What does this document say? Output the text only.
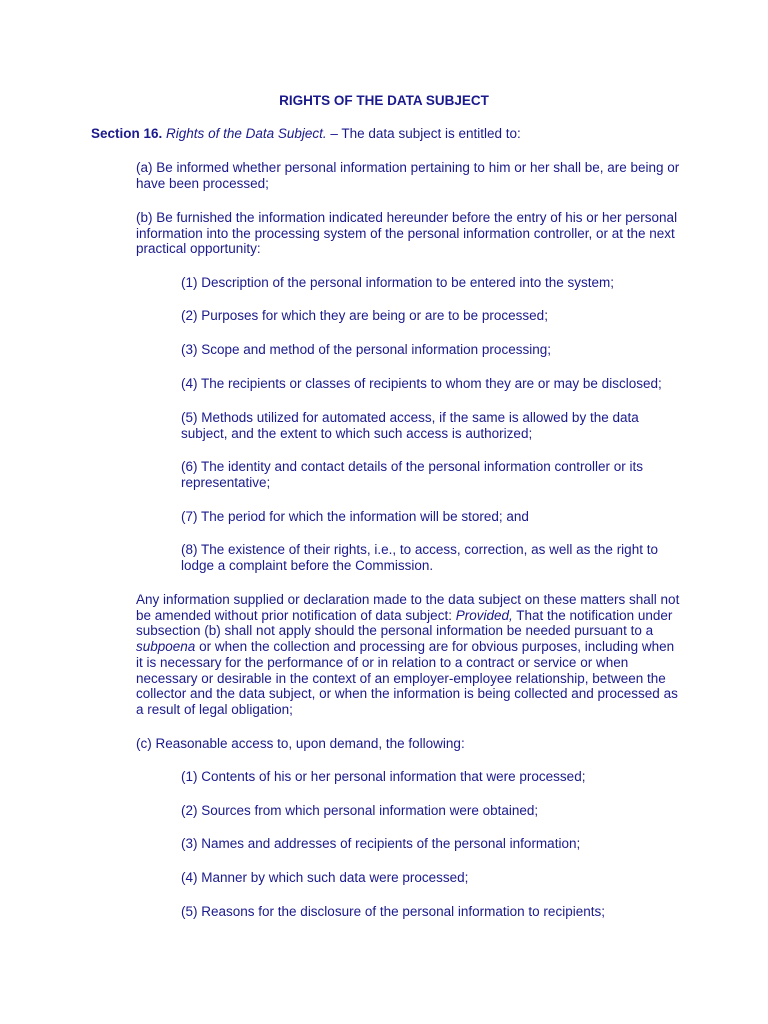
RIGHTS OF THE DATA SUBJECT

Section 16. Rights of the Data Subject. – The data subject is entitled to:

(a) Be informed whether personal information pertaining to him or her shall be, are being or have been processed;

(b) Be furnished the information indicated hereunder before the entry of his or her personal information into the processing system of the personal information controller, or at the next practical opportunity:

(1) Description of the personal information to be entered into the system;

(2) Purposes for which they are being or are to be processed;

(3) Scope and method of the personal information processing;

(4) The recipients or classes of recipients to whom they are or may be disclosed;

(5) Methods utilized for automated access, if the same is allowed by the data subject, and the extent to which such access is authorized;

(6) The identity and contact details of the personal information controller or its representative;

(7) The period for which the information will be stored; and

(8) The existence of their rights, i.e., to access, correction, as well as the right to lodge a complaint before the Commission.

Any information supplied or declaration made to the data subject on these matters shall not be amended without prior notification of data subject: Provided, That the notification under subsection (b) shall not apply should the personal information be needed pursuant to a subpoena or when the collection and processing are for obvious purposes, including when it is necessary for the performance of or in relation to a contract or service or when necessary or desirable in the context of an employer-employee relationship, between the collector and the data subject, or when the information is being collected and processed as a result of legal obligation;

(c) Reasonable access to, upon demand, the following:

(1) Contents of his or her personal information that were processed;

(2) Sources from which personal information were obtained;

(3) Names and addresses of recipients of the personal information;

(4) Manner by which such data were processed;

(5) Reasons for the disclosure of the personal information to recipients;
